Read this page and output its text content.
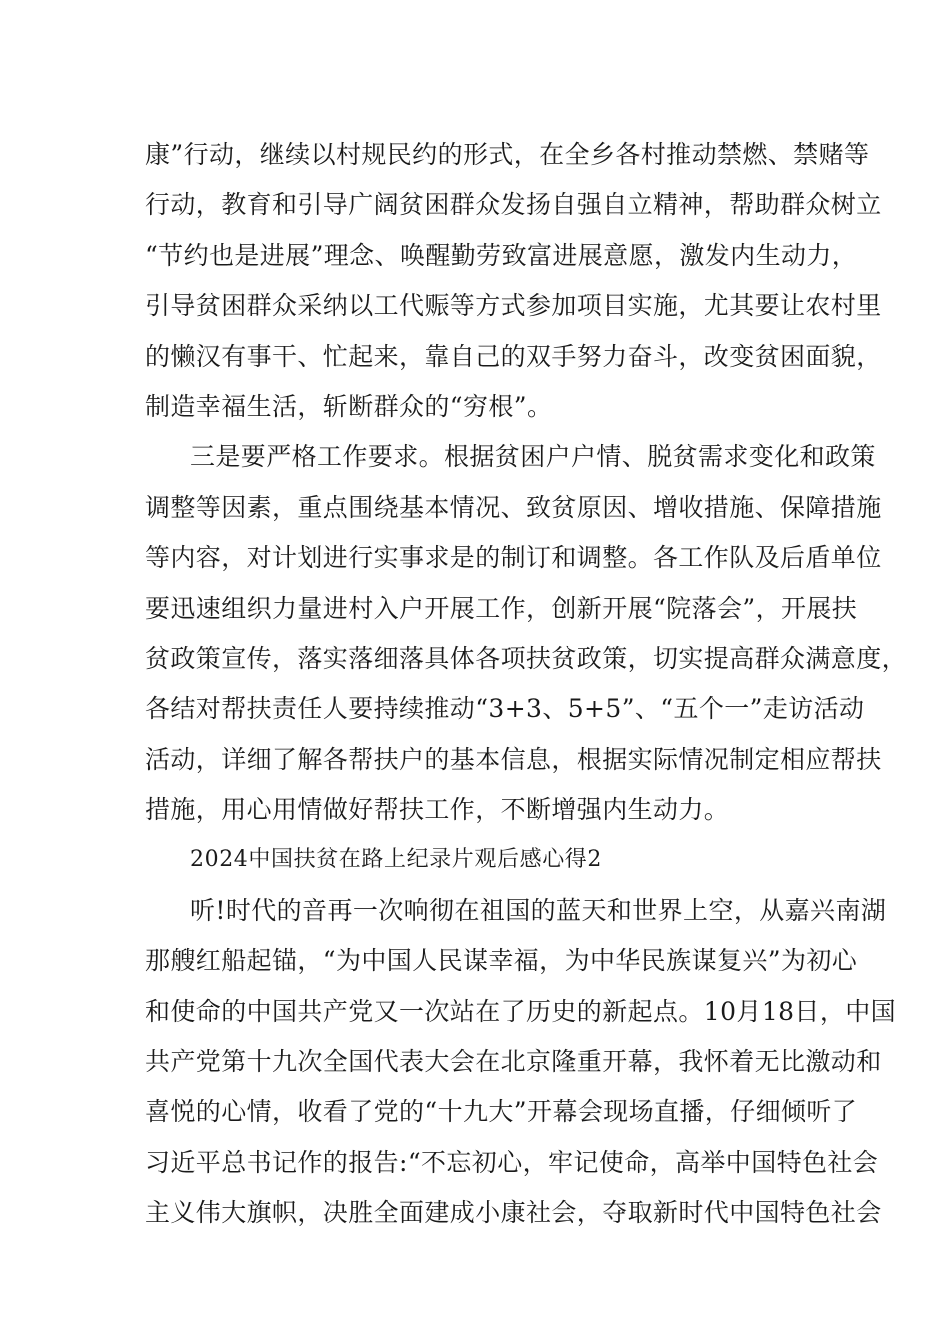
康”行动，继续以村规民约的形式，在全乡各村推动禁燃、禁赌等
行动，教育和引导广阔贫困群众发扬自强自立精神，帮助群众树立
“节约也是进展”理念、唤醒勤劳致富进展意愿，激发内生动力，
引导贫困群众采纳以工代赈等方式参加项目实施，尤其要让农村里
的懒汉有事干、忙起来，靠自己的双手努力奋斗，改变贫困面貌，
制造幸福生活，斩断群众的“穷根”。
三是要严格工作要求。根据贫困户户情、脱贫需求变化和政策
调整等因素，重点围绕基本情况、致贫原因、增收措施、保障措施
等内容，对计划进行实事求是的制订和调整。各工作队及后盾单位
要迅速组织力量进村入户开展工作，创新开展“院落会”，开展扶
贫政策宣传，落实落细落具体各项扶贫政策，切实提高群众满意度，
各结对帮扶责任人要持续推动“3+3、5+5”、“五个一”走访活动
活动，详细了解各帮扶户的基本信息，根据实际情况制定相应帮扶
措施，用心用情做好帮扶工作，不断增强内生动力。
2024中国扶贫在路上纪录片观后感心得2
听!时代的音再一次响彻在祖国的蓝天和世界上空，从嘉兴南湖
那艘红船起锚，“为中国人民谋幸福，为中华民族谋复兴”为初心
和使命的中国共产党又一次站在了历史的新起点。10月18日，中国
共产党第十九次全国代表大会在北京隆重开幕，我怀着无比激动和
喜悦的心情，收看了党的“十九大”开幕会现场直播，仔细倾听了
习近平总书记作的报告:“不忘初心，牢记使命，高举中国特色社会
主义伟大旗帜，决胜全面建成小康社会，夺取新时代中国特色社会
